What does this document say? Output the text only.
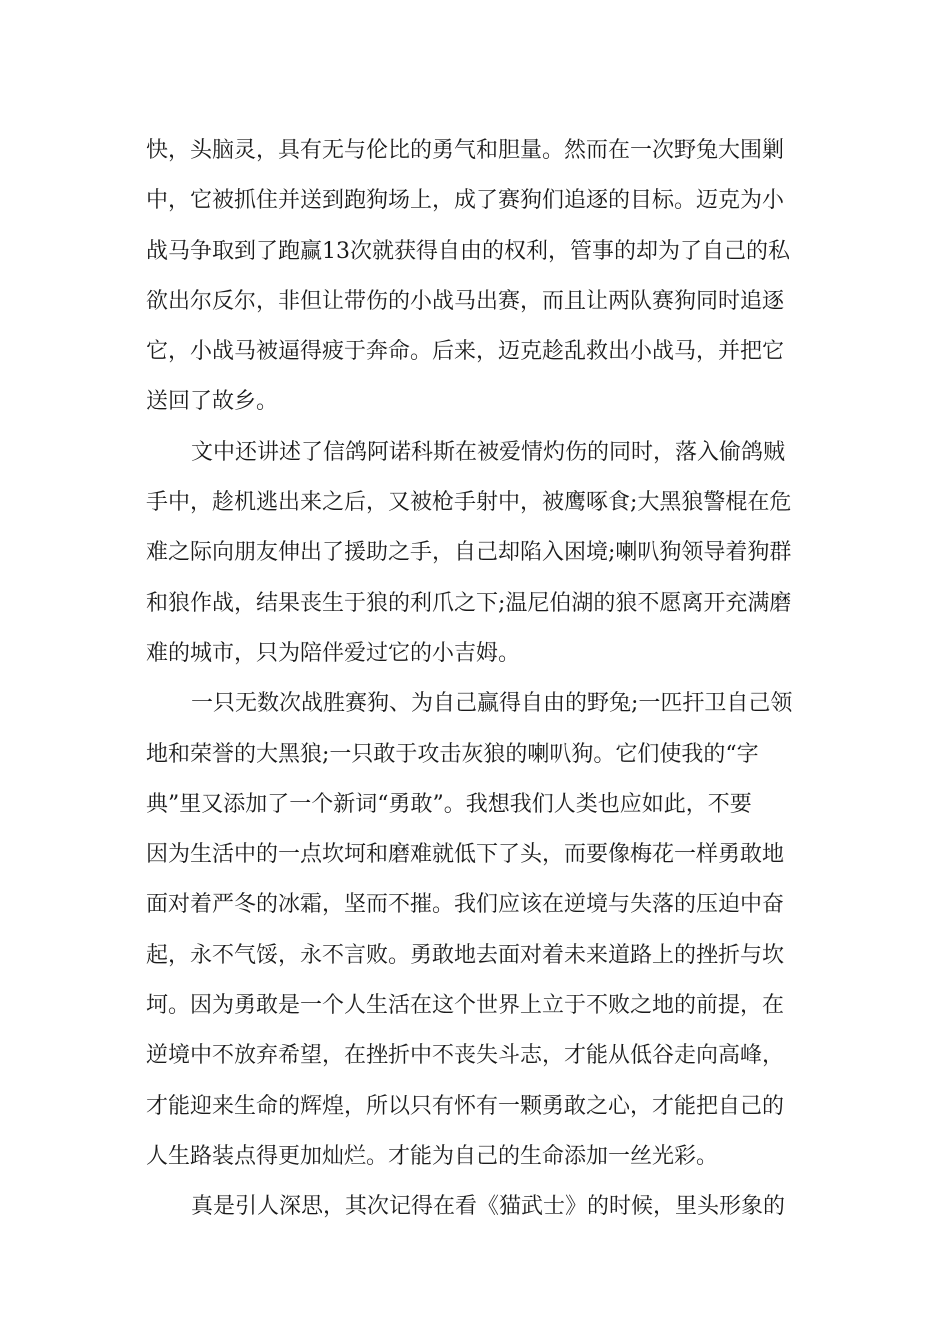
快，头脑灵，具有无与伦比的勇气和胆量。然而在一次野兔大围剿
中，它被抓住并送到跑狗场上，成了赛狗们追逐的目标。迈克为小
战马争取到了跑赢13次就获得自由的权利，管事的却为了自己的私
欲出尔反尔，非但让带伤的小战马出赛，而且让两队赛狗同时追逐
它，小战马被逼得疲于奔命。后来，迈克趁乱救出小战马，并把它
送回了故乡。
文中还讲述了信鸽阿诺科斯在被爱情灼伤的同时，落入偷鸽贼
手中，趁机逃出来之后，又被枪手射中，被鹰啄食;大黑狼警棍在危
难之际向朋友伸出了援助之手，自己却陷入困境;喇叭狗领导着狗群
和狼作战，结果丧生于狼的利爪之下;温尼伯湖的狼不愿离开充满磨
难的城市，只为陪伴爱过它的小吉姆。
一只无数次战胜赛狗、为自己赢得自由的野兔;一匹扞卫自己领
地和荣誉的大黑狼;一只敢于攻击灰狼的喇叭狗。它们使我的“字
典”里又添加了一个新词“勇敢”。我想我们人类也应如此，不要
因为生活中的一点坎坷和磨难就低下了头，而要像梅花一样勇敢地
面对着严冬的冰霜，坚而不摧。我们应该在逆境与失落的压迫中奋
起，永不气馁，永不言败。勇敢地去面对着未来道路上的挫折与坎
坷。因为勇敢是一个人生活在这个世界上立于不败之地的前提，在
逆境中不放弃希望，在挫折中不丧失斗志，才能从低谷走向高峰，
才能迎来生命的辉煌，所以只有怀有一颗勇敢之心，才能把自己的
人生路装点得更加灿烂。才能为自己的生命添加一丝光彩。
真是引人深思，其次记得在看《猫武士》的时候，里头形象的
